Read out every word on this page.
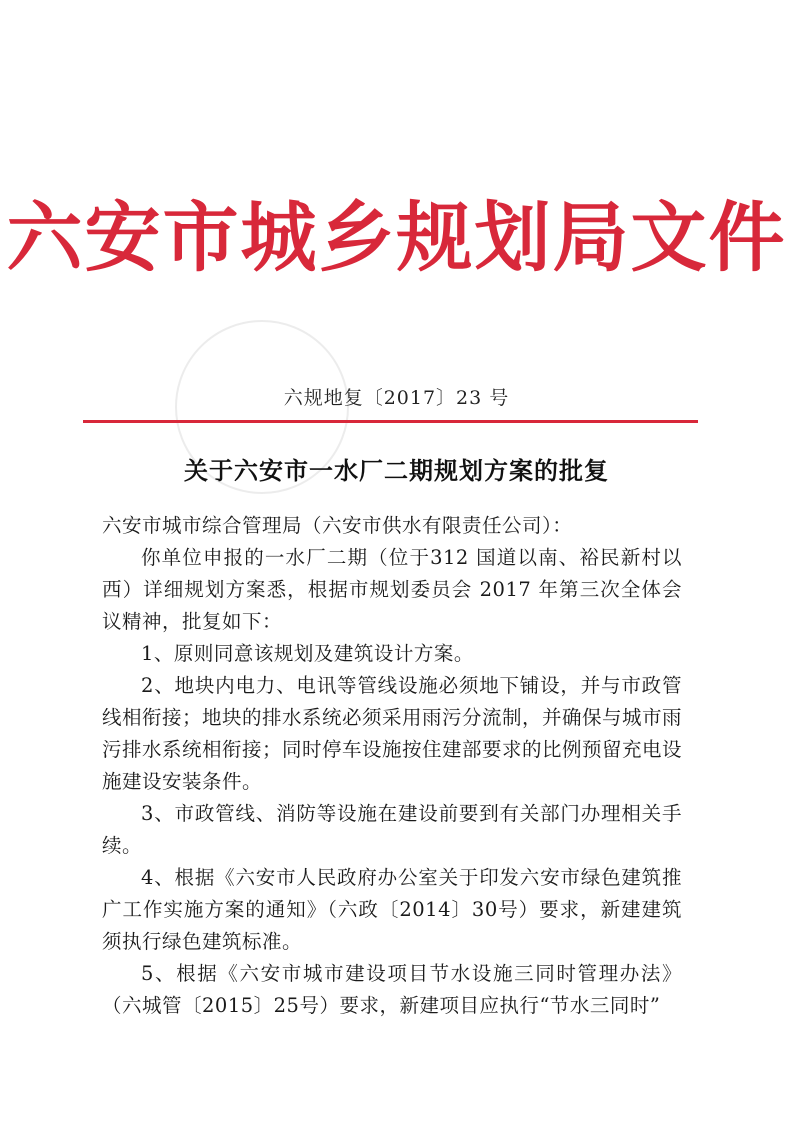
六安市城乡规划局文件
六规地复〔2017〕23 号
关于六安市一水厂二期规划方案的批复

六安市城市综合管理局（六安市供水有限责任公司）：

你单位申报的一水厂二期（位于312 国道以南、裕民新村以西）详细规划方案悉，根据市规划委员会 2017 年第三次全体会议精神，批复如下：

1、原则同意该规划及建筑设计方案。

2、地块内电力、电讯等管线设施必须地下铺设，并与市政管线相衔接；地块的排水系统必须采用雨污分流制，并确保与城市雨污排水系统相衔接；同时停车设施按住建部要求的比例预留充电设施建设安装条件。

3、市政管线、消防等设施在建设前要到有关部门办理相关手续。

4、根据《六安市人民政府办公室关于印发六安市绿色建筑推广工作实施方案的通知》（六政〔2014〕30号）要求，新建建筑须执行绿色建筑标准。

5、根据《六安市城市建设项目节水设施三同时管理办法》（六城管〔2015〕25号）要求，新建项目应执行“节水三同时”
